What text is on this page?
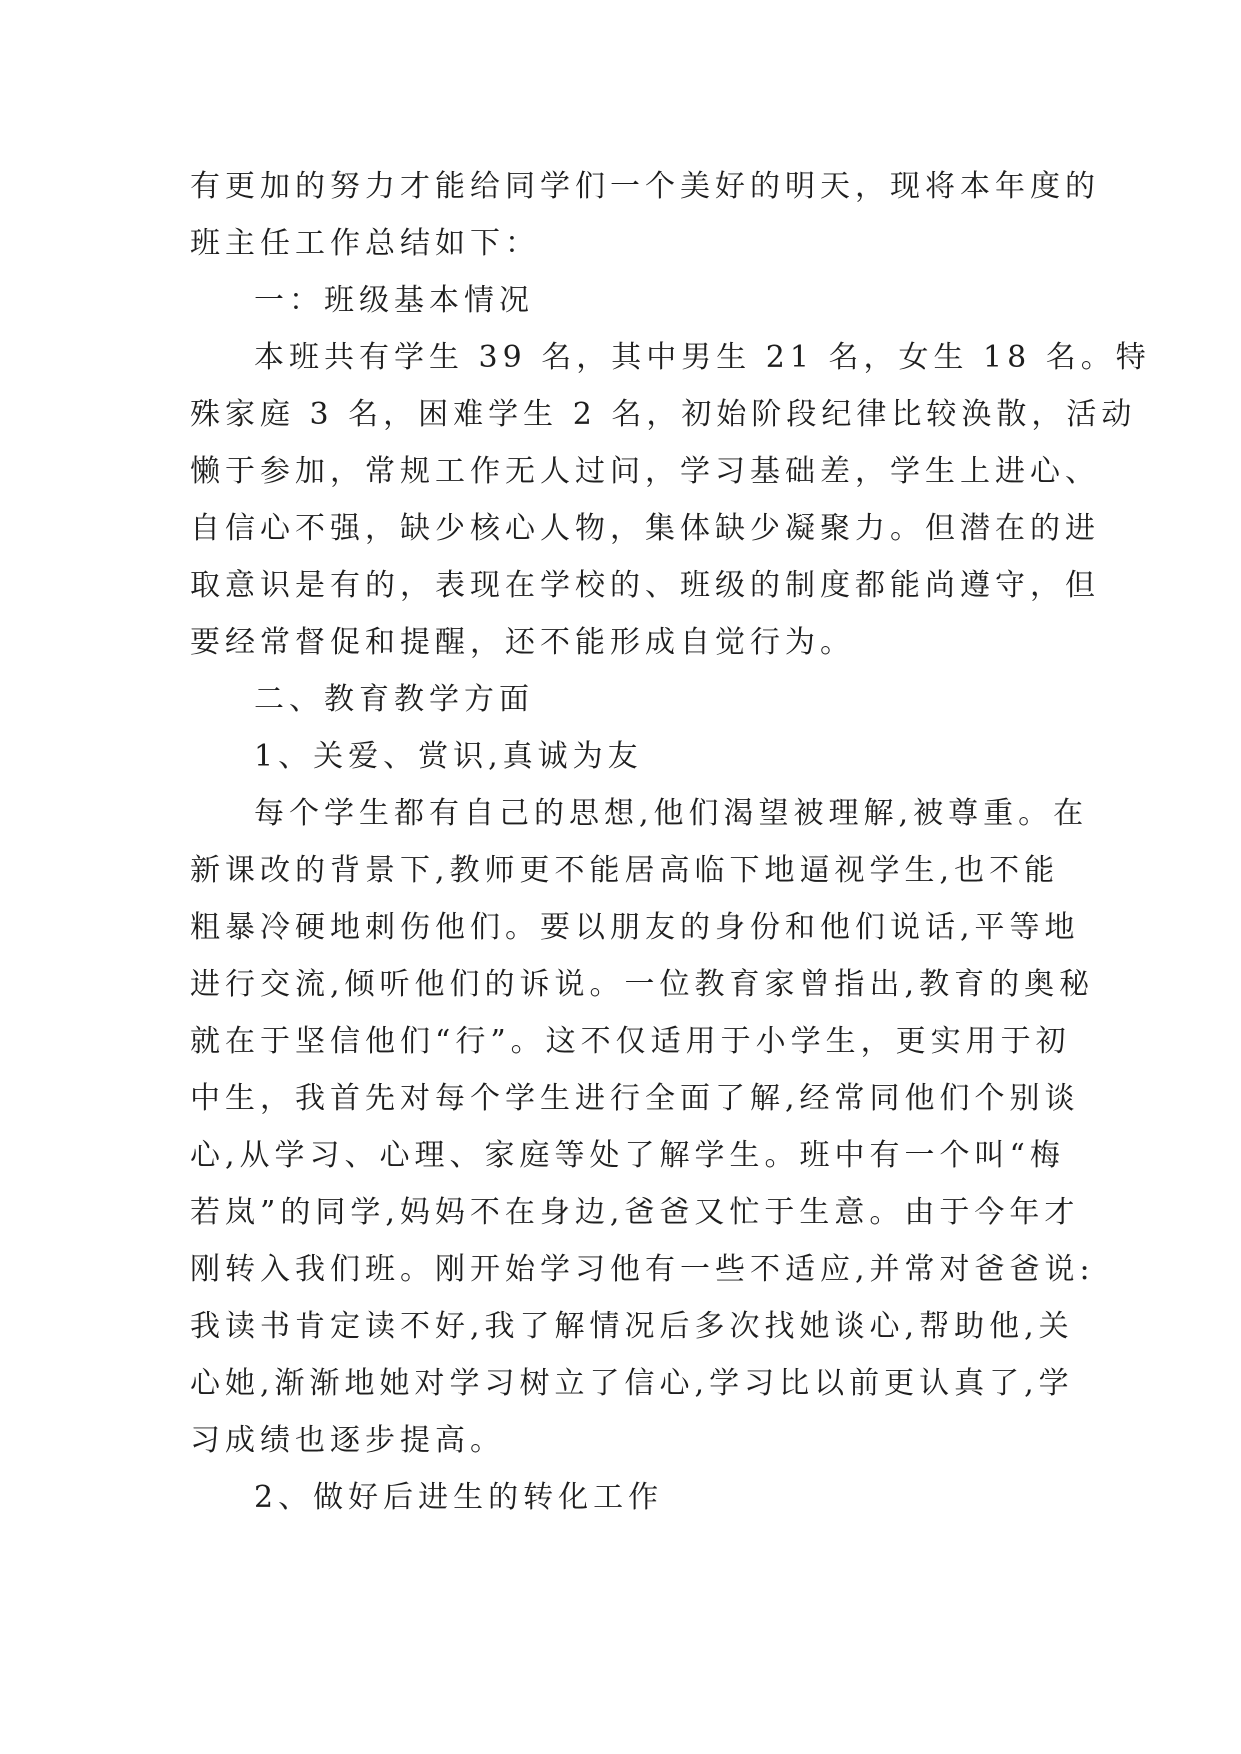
有更加的努力才能给同学们一个美好的明天，现将本年度的
班主任工作总结如下：
一：班级基本情况
本班共有学生 39 名，其中男生 21 名，女生 18 名。特
殊家庭 3 名，困难学生 2 名，初始阶段纪律比较涣散，活动
懒于参加，常规工作无人过问，学习基础差，学生上进心、
自信心不强，缺少核心人物，集体缺少凝聚力。但潜在的进
取意识是有的，表现在学校的、班级的制度都能尚遵守，但
要经常督促和提醒，还不能形成自觉行为。
二、教育教学方面
1、关爱、赏识,真诚为友
每个学生都有自己的思想,他们渴望被理解,被尊重。在
新课改的背景下,教师更不能居高临下地逼视学生,也不能
粗暴冷硬地刺伤他们。要以朋友的身份和他们说话,平等地
进行交流,倾听他们的诉说。一位教育家曾指出,教育的奥秘
就在于坚信他们“行”。这不仅适用于小学生，更实用于初
中生，我首先对每个学生进行全面了解,经常同他们个别谈
心,从学习、心理、家庭等处了解学生。班中有一个叫“梅
若岚”的同学,妈妈不在身边,爸爸又忙于生意。由于今年才
刚转入我们班。刚开始学习他有一些不适应,并常对爸爸说:
我读书肯定读不好,我了解情况后多次找她谈心,帮助他,关
心她,渐渐地她对学习树立了信心,学习比以前更认真了,学
习成绩也逐步提高。
2、做好后进生的转化工作
